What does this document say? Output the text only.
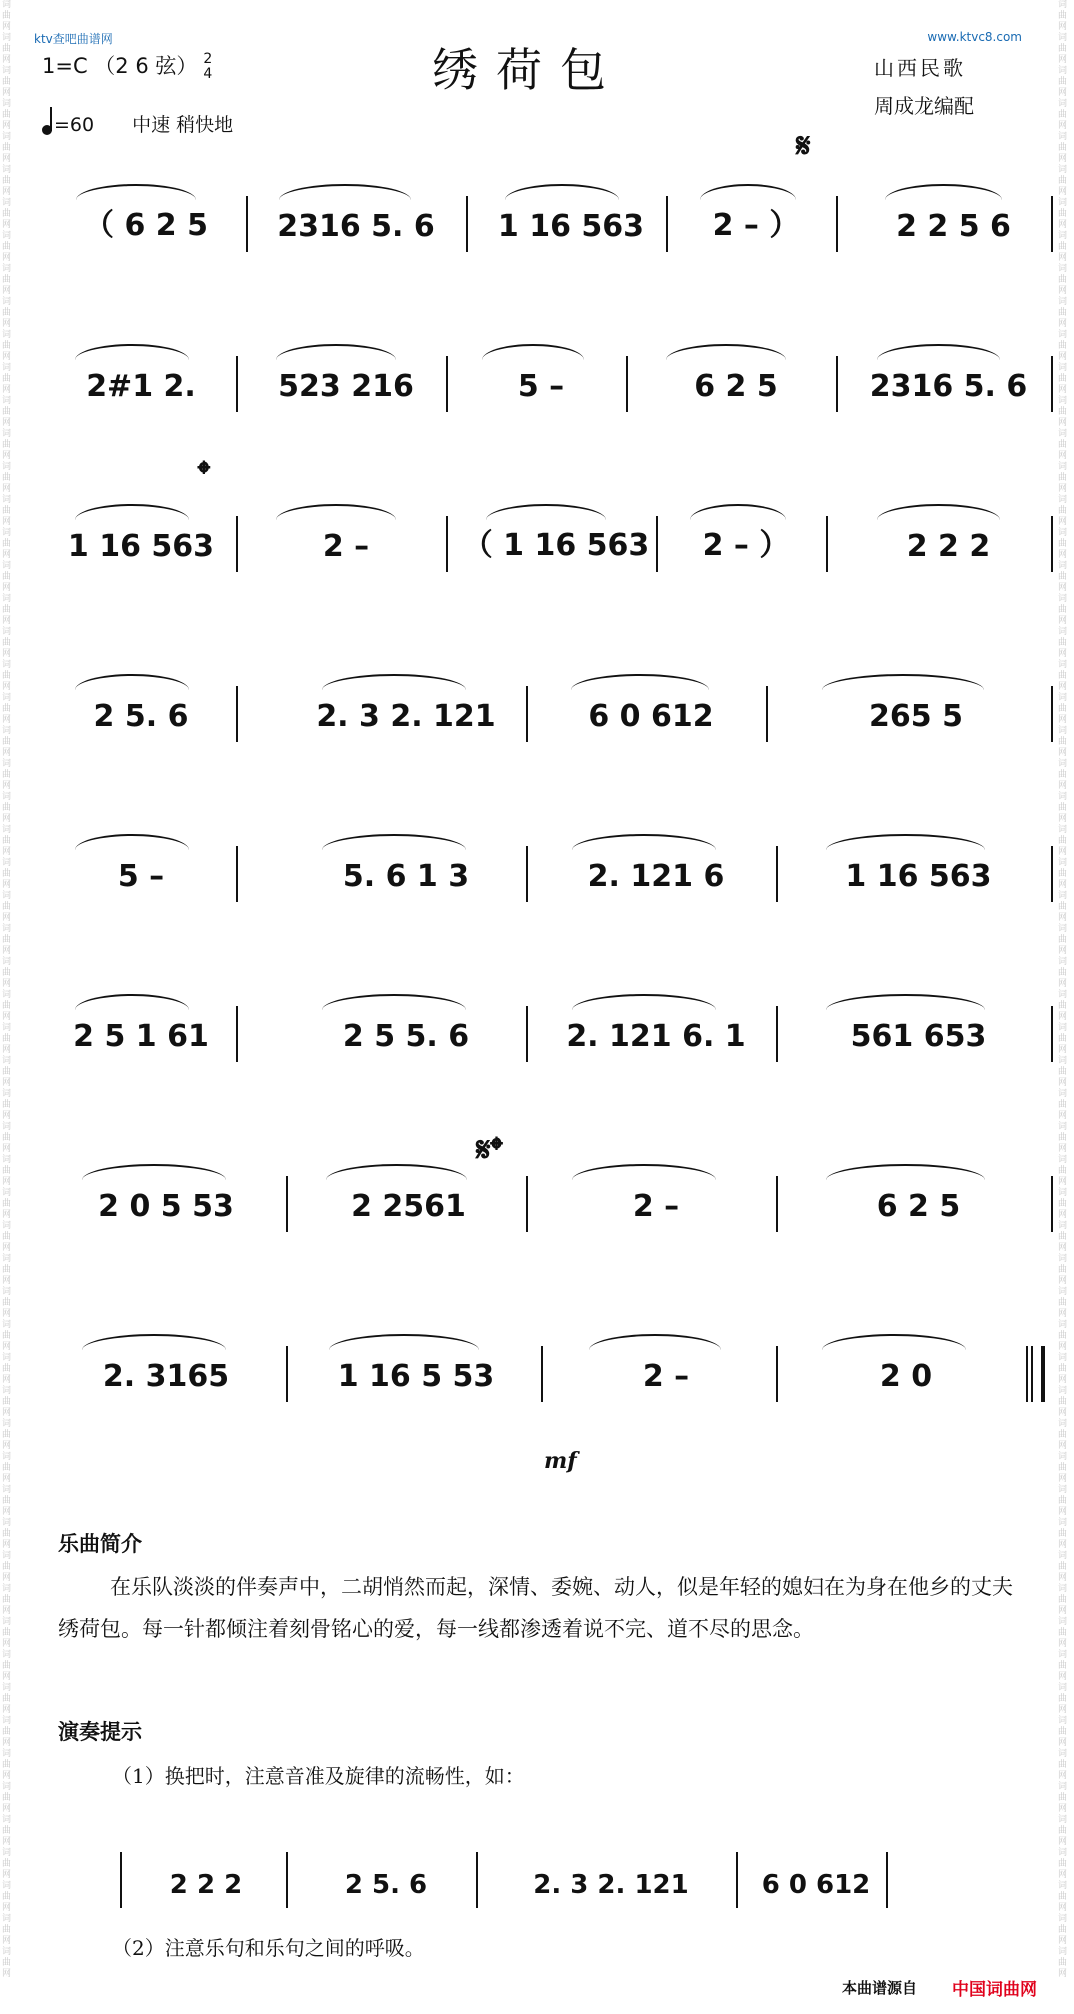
词曲网词曲网词曲网词曲网词曲网词曲网词曲网词曲网词曲网词曲网词曲网词曲网词曲网词曲网词曲网词曲网词曲网词曲网词曲网词曲网词曲网词曲网词曲网词曲网词曲网词曲网词曲网词曲网词曲网词曲网词曲网词曲网词曲网词曲网词曲网词曲网词曲网词曲网词曲网词曲网词曲网词曲网词曲网词曲网词曲网词曲网词曲网词曲网词曲网词曲网词曲网词曲网词曲网词曲网词曲网词曲网词曲网词曲网词曲网词曲网
词曲网词曲网词曲网词曲网词曲网词曲网词曲网词曲网词曲网词曲网词曲网词曲网词曲网词曲网词曲网词曲网词曲网词曲网词曲网词曲网词曲网词曲网词曲网词曲网词曲网词曲网词曲网词曲网词曲网词曲网词曲网词曲网词曲网词曲网词曲网词曲网词曲网词曲网词曲网词曲网词曲网词曲网词曲网词曲网词曲网词曲网词曲网词曲网词曲网词曲网词曲网词曲网词曲网词曲网词曲网词曲网词曲网词曲网词曲网词曲网
ktv查吧曲谱网	www.ktvc8.com
绣荷包
1=C （2 6 弦） 2
4
=60 中速 稍快地
山西民歌
周成龙编配
（ 6 2 5	2316 5. 6	1 16 563	2 – ）	2 2 5 6
2#1 2.	523 216	5 –	6 2 5	2316 5. 6
1 16 563	2 –	（ 1 16 563	2 – ）	2 2 2
2 5. 6	2. 3 2. 121	6 0 612	265 5
5 –	5. 6 1 3	2. 121 6	1 16 563
2 5 1 61	2 5 5. 6	2. 121 6. 1	561 653
2 0 5 53	2 2561	2 –	6 2 5
2. 3165	1 16 5 53	2 –	2 0
𝄋
𝄌
𝄋𝄌
mf
乐曲简介
在乐队淡淡的伴奏声中，二胡悄然而起，深情、委婉、动人，似是年轻的媳妇在为身在他乡的丈夫绣荷包。每一针都倾注着刻骨铭心的爱，每一线都渗透着说不完、道不尽的思念。
演奏提示
（1）换把时，注意音准及旋律的流畅性，如：
2 2 2	2 5. 6	2. 3 2. 121	6 0 612
（2）注意乐句和乐句之间的呼吸。
本曲谱源自 中国词曲网
